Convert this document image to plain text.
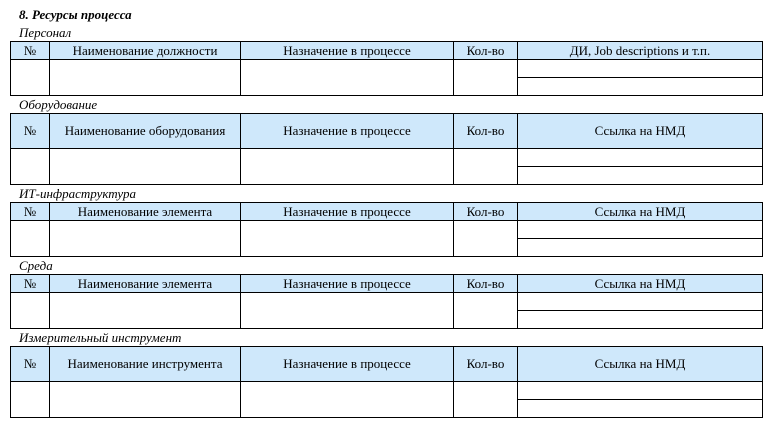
8. Ресурсы процесса
Персонал
№	Наименование должности	Назначение в процессе	Кол-во	ДИ, Job descriptions и т.п.

Оборудование
№	Наименование оборудования	Назначение в процессе	Кол-во	Ссылка на НМД

ИТ-инфраструктура
№	Наименование элемента	Назначение в процессе	Кол-во	Ссылка на НМД

Среда
№	Наименование элемента	Назначение в процессе	Кол-во	Ссылка на НМД

Измерительный инструмент
№	Наименование инструмента	Назначение в процессе	Кол-во	Ссылка на НМД
